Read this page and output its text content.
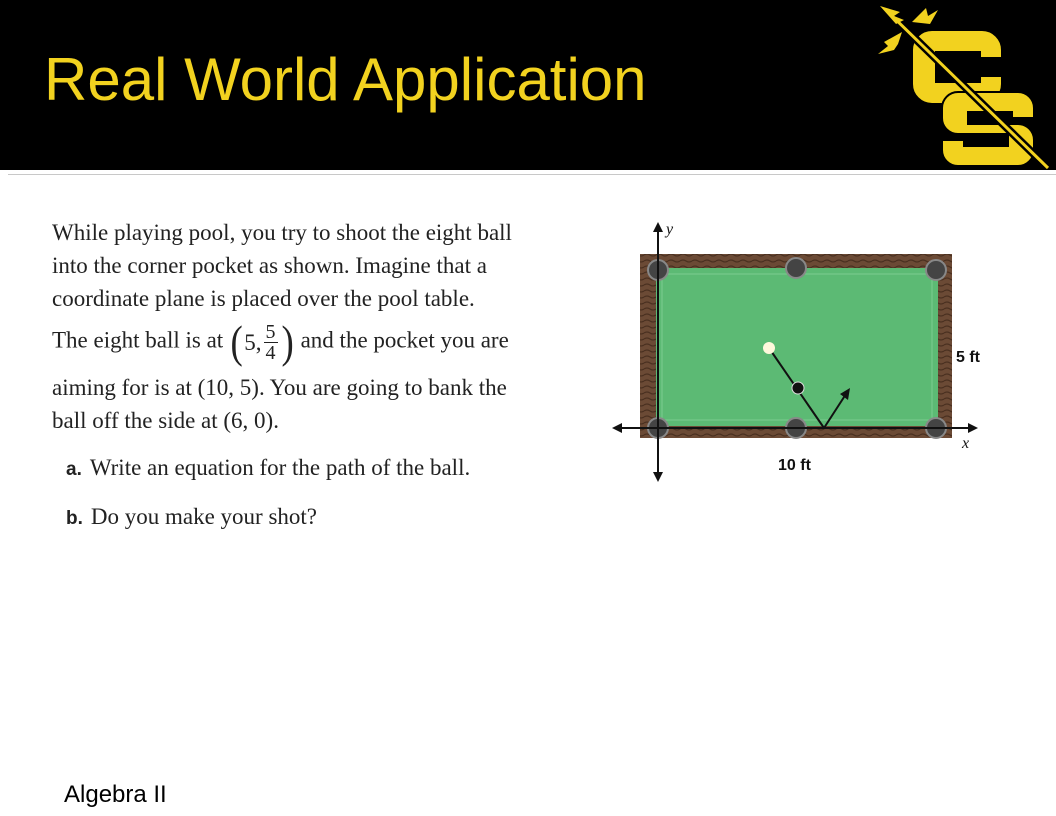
Real World Application
While playing pool, you try to shoot the eight ball
into the corner pocket as shown. Imagine that a
coordinate plane is placed over the pool table.
The eight ball is at ( 5, $\frac{5}{4}$ ) and the pocket you are
aiming for is at (10, 5). You are going to bank the
ball off the side at (6, 0).
a. Write an equation for the path of the ball.
b. Do you make your shot?
y
x
5 ft
10 ft
Algebra II
